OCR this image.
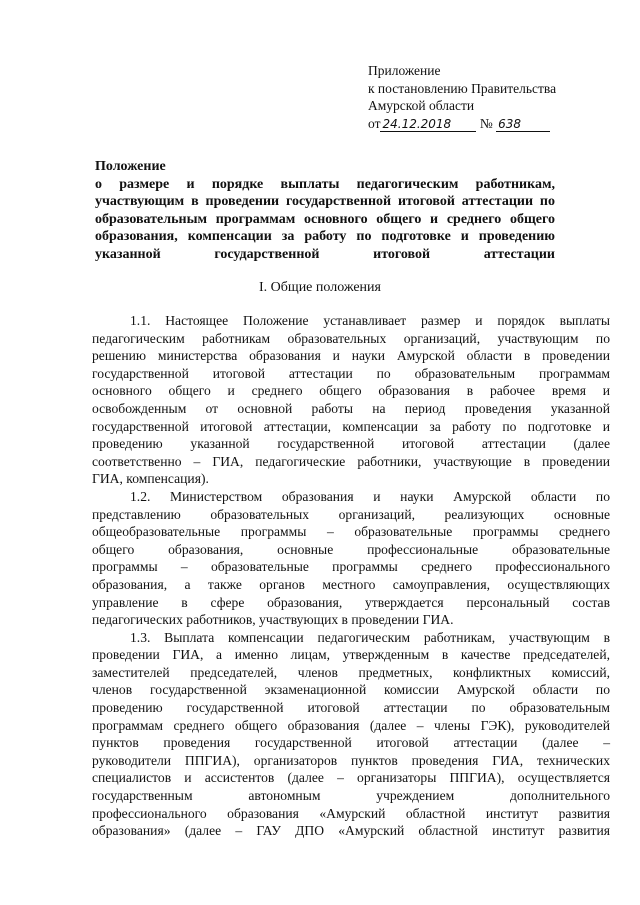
Приложение
к постановлению Правительства
Амурской области
от 24.12.2018 № 638
Положение
о размере и порядке выплаты педагогическим работникам,
участвующим в проведении государственной итоговой аттестации по
образовательным программам основного общего и среднего общего
образования, компенсации за работу по подготовке и проведению
указанной государственной итоговой аттестации
I. Общие положения
1.1. Настоящее Положение устанавливает размер и порядок выплаты
педагогическим работникам образовательных организаций, участвующим по
решению министерства образования и науки Амурской области в проведении
государственной итоговой аттестации по образовательным программам
основного общего и среднего общего образования в рабочее время и
освобожденным от основной работы на период проведения указанной
государственной итоговой аттестации, компенсации за работу по подготовке и
проведению указанной государственной итоговой аттестации (далее
соответственно – ГИА, педагогические работники, участвующие в проведении
ГИА, компенсация).
1.2. Министерством образования и науки Амурской области по
представлению образовательных организаций, реализующих основные
общеобразовательные программы – образовательные программы среднего
общего образования, основные профессиональные образовательные
программы – образовательные программы среднего профессионального
образования, а также органов местного самоуправления, осуществляющих
управление в сфере образования, утверждается персональный состав
педагогических работников, участвующих в проведении ГИА.
1.3. Выплата компенсации педагогическим работникам, участвующим в
проведении ГИА, а именно лицам, утвержденным в качестве председателей,
заместителей председателей, членов предметных, конфликтных комиссий,
членов государственной экзаменационной комиссии Амурской области по
проведению государственной итоговой аттестации по образовательным
программам среднего общего образования (далее – члены ГЭК), руководителей
пунктов проведения государственной итоговой аттестации (далее –
руководители ППГИА), организаторов пунктов проведения ГИА, технических
специалистов и ассистентов (далее – организаторы ППГИА), осуществляется
государственным автономным учреждением дополнительного
профессионального образования «Амурский областной институт развития
образования» (далее – ГАУ ДПО «Амурский областной институт развития
